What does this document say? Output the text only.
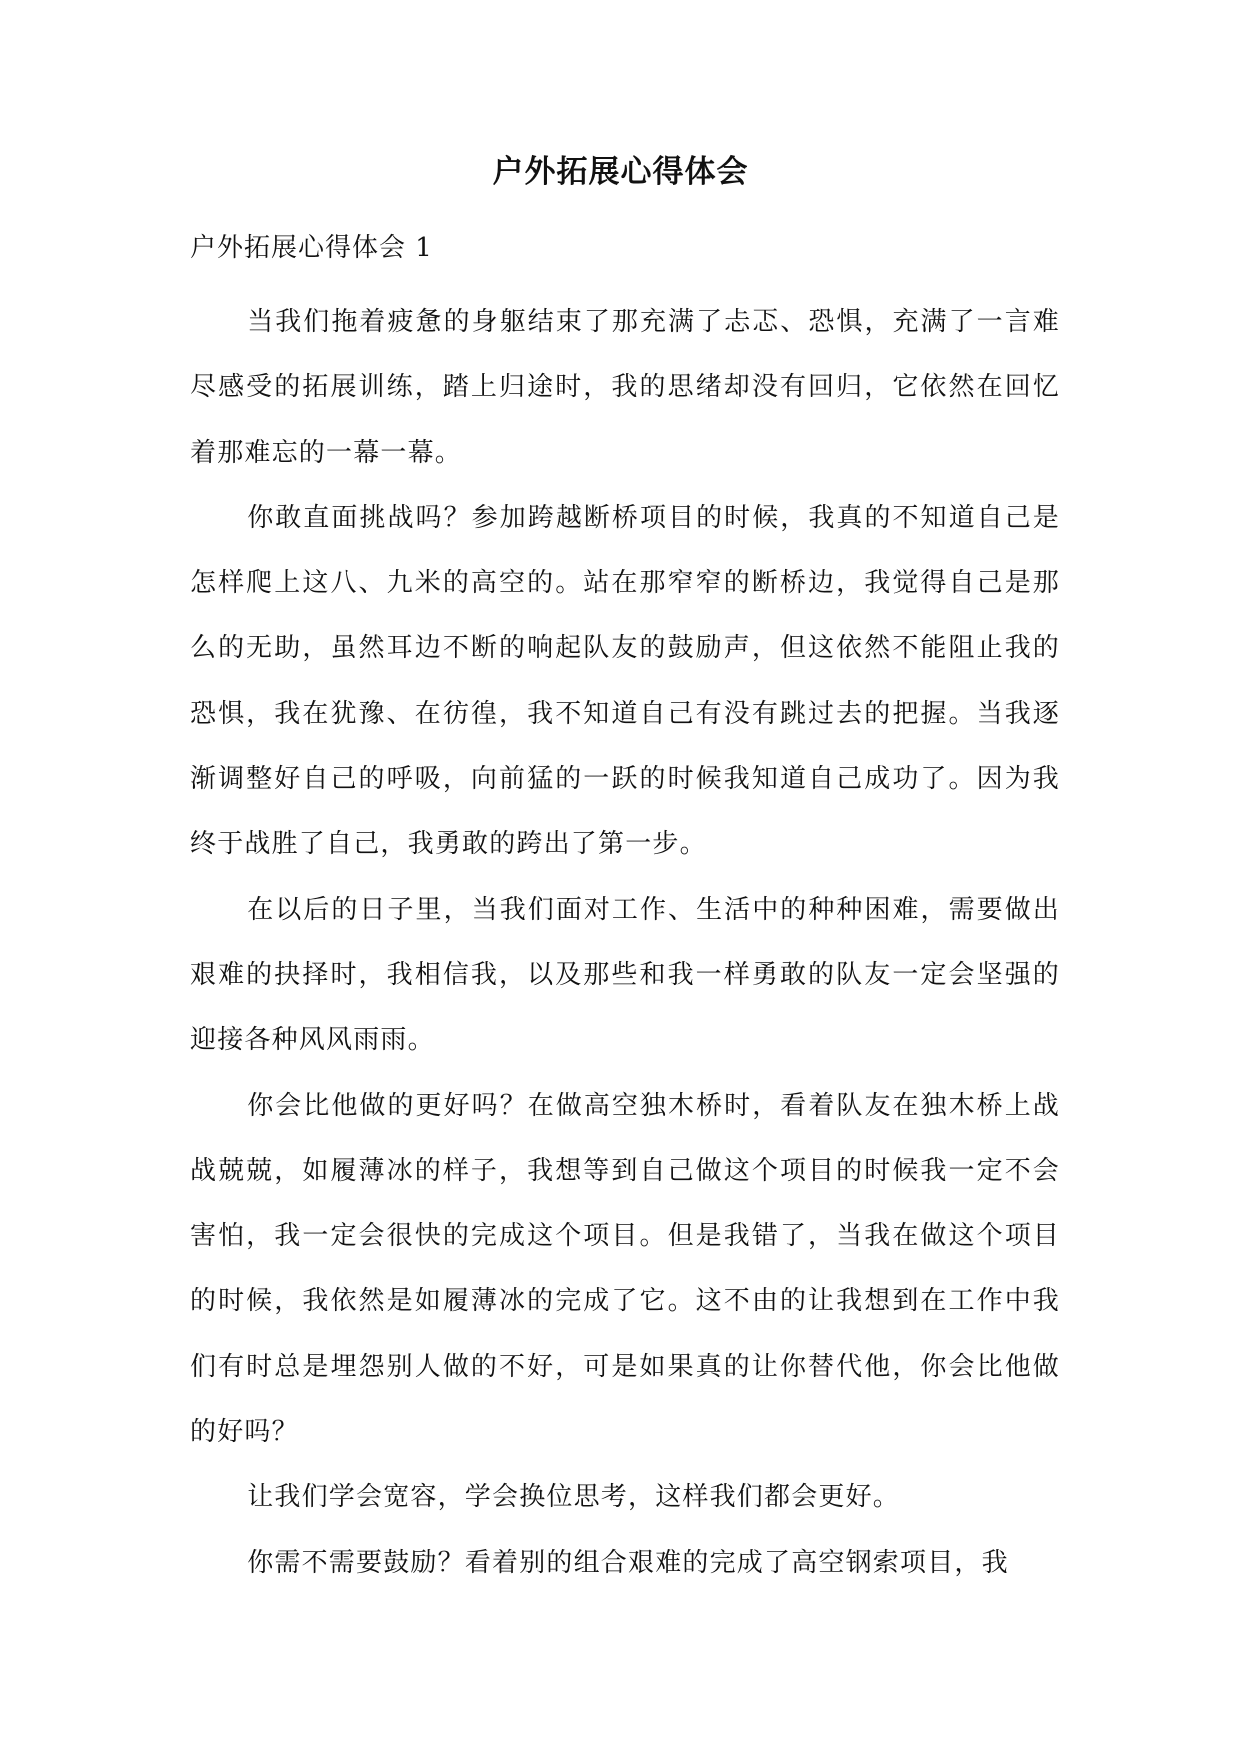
户外拓展心得体会
户外拓展心得体会 1

当我们拖着疲惫的身躯结束了那充满了忐忑、恐惧，充满了一言难尽感受的拓展训练，踏上归途时，我的思绪却没有回归，它依然在回忆着那难忘的一幕一幕。

你敢直面挑战吗？参加跨越断桥项目的时候，我真的不知道自己是怎样爬上这八、九米的高空的。站在那窄窄的断桥边，我觉得自己是那么的无助，虽然耳边不断的响起队友的鼓励声，但这依然不能阻止我的恐惧，我在犹豫、在彷徨，我不知道自己有没有跳过去的把握。当我逐渐调整好自己的呼吸，向前猛的一跃的时候我知道自己成功了。因为我终于战胜了自己，我勇敢的跨出了第一步。

在以后的日子里，当我们面对工作、生活中的种种困难，需要做出艰难的抉择时，我相信我，以及那些和我一样勇敢的队友一定会坚强的迎接各种风风雨雨。

你会比他做的更好吗？在做高空独木桥时，看着队友在独木桥上战战兢兢，如履薄冰的样子，我想等到自己做这个项目的时候我一定不会害怕，我一定会很快的完成这个项目。但是我错了，当我在做这个项目的时候，我依然是如履薄冰的完成了它。这不由的让我想到在工作中我们有时总是埋怨别人做的不好，可是如果真的让你替代他，你会比他做的好吗？

让我们学会宽容，学会换位思考，这样我们都会更好。

你需不需要鼓励？看着别的组合艰难的完成了高空钢索项目，我
